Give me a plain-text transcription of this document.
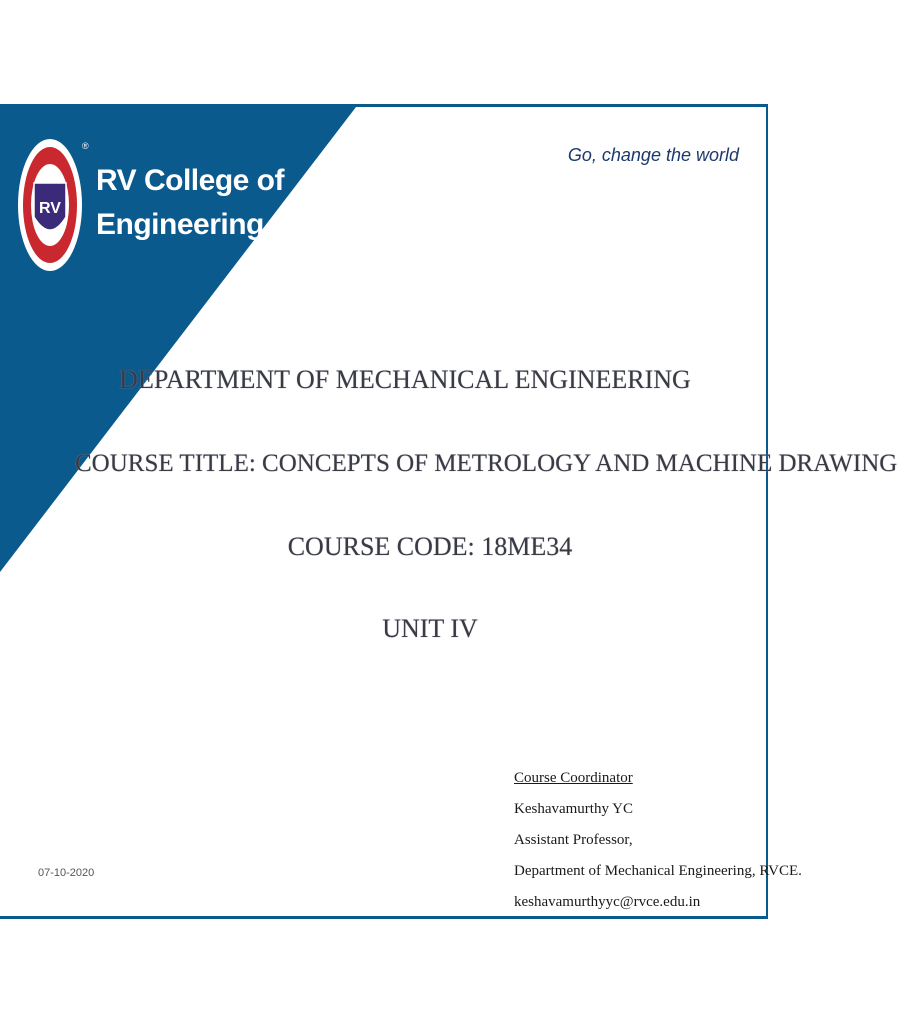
RV
®
RV College of
Engineering
Go, change the world
DEPARTMENT OF MECHANICAL ENGINEERING
COURSE TITLE: CONCEPTS OF METROLOGY AND MACHINE DRAWING
COURSE CODE: 18ME34
UNIT IV
07-10-2020
Course Coordinator
Keshavamurthy YC
Assistant Professor,
Department of Mechanical Engineering, RVCE.
keshavamurthyyc@rvce.edu.in
